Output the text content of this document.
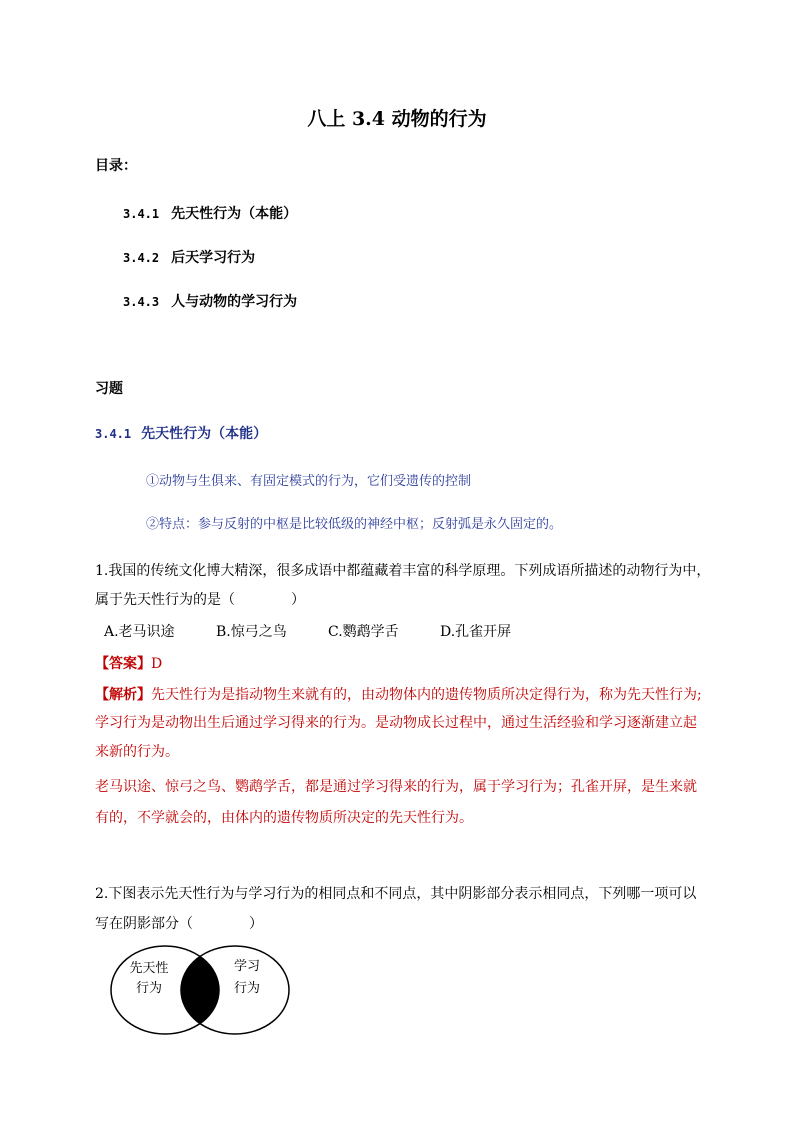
八上 3.4 动物的行为
目录：
3.4.1 先天性行为（本能）
3.4.2 后天学习行为
3.4.3 人与动物的学习行为
习题
3.4.1 先天性行为（本能）
①动物与生俱来、有固定模式的行为，它们受遗传的控制
②特点：参与反射的中枢是比较低级的神经中枢；反射弧是永久固定的。
1.我国的传统文化博大精深，很多成语中都蕴藏着丰富的科学原理。下列成语所描述的动物行为中，
属于先天性行为的是（　　　　）
A.老马识途	B.惊弓之鸟	C.鹦鹉学舌	D.孔雀开屏
【答案】D
【解析】先天性行为是指动物生来就有的，由动物体内的遗传物质所决定得行为，称为先天性行为;
学习行为是动物出生后通过学习得来的行为。是动物成长过程中，通过生活经验和学习逐渐建立起
来新的行为。
老马识途、惊弓之鸟、鹦鹉学舌，都是通过学习得来的行为，属于学习行为；孔雀开屏，是生来就
有的，不学就会的，由体内的遗传物质所决定的先天性行为。
2.下图表示先天性行为与学习行为的相同点和不同点，其中阴影部分表示相同点，下列哪一项可以
写在阴影部分（　　　　）
先天性
行为
学习
行为
